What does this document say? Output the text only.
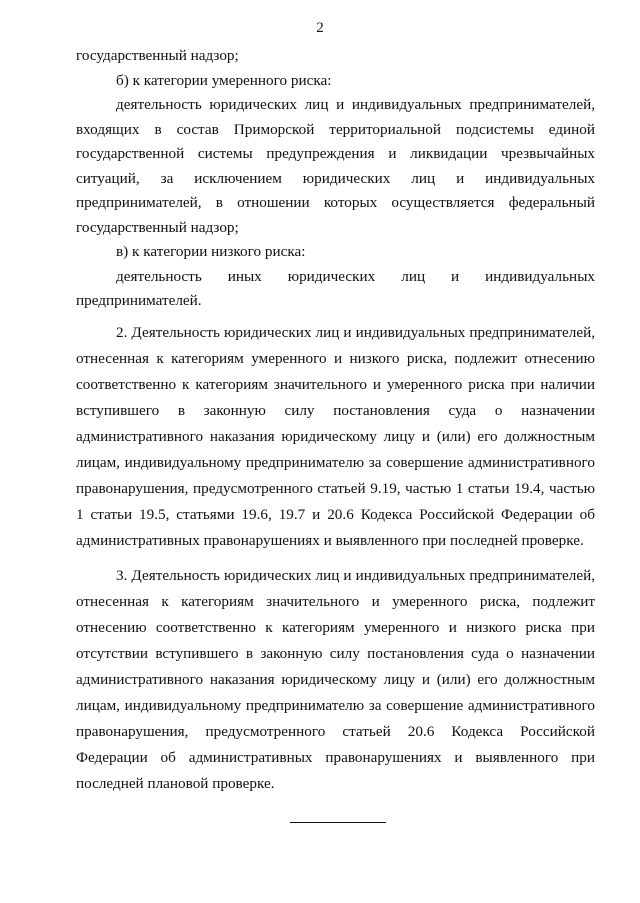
2

государственный надзор;

б) к категории умеренного риска:

деятельность юридических лиц и индивидуальных предпринимателей, входящих в состав Приморской территориальной подсистемы единой государственной системы предупреждения и ликвидации чрезвычайных ситуаций, за исключением юридических лиц и индивидуальных предпринимателей, в отношении которых осуществляется федеральный государственный надзор;

в) к категории низкого риска:

деятельность иных юридических лиц и индивидуальных предпринимателей.

2. Деятельность юридических лиц и индивидуальных предпринимателей, отнесенная к категориям умеренного и низкого риска, подлежит отнесению соответственно к категориям значительного и умеренного риска при наличии вступившего в законную силу постановления суда о назначении административного наказания юридическому лицу и (или) его должностным лицам, индивидуальному предпринимателю за совершение административного правонарушения, предусмотренного статьей 9.19, частью 1 статьи 19.4, частью 1 статьи 19.5, статьями 19.6, 19.7 и 20.6 Кодекса Российской Федерации об административных правонарушениях и выявленного при последней проверке.

3. Деятельность юридических лиц и индивидуальных предпринимателей, отнесенная к категориям значительного и умеренного риска, подлежит отнесению соответственно к категориям умеренного и низкого риска при отсутствии вступившего в законную силу постановления суда о назначении административного наказания юридическому лицу и (или) его должностным лицам, индивидуальному предпринимателю за совершение административного правонарушения, предусмотренного статьей 20.6 Кодекса Российской Федерации об административных правонарушениях и выявленного при последней плановой проверке.
